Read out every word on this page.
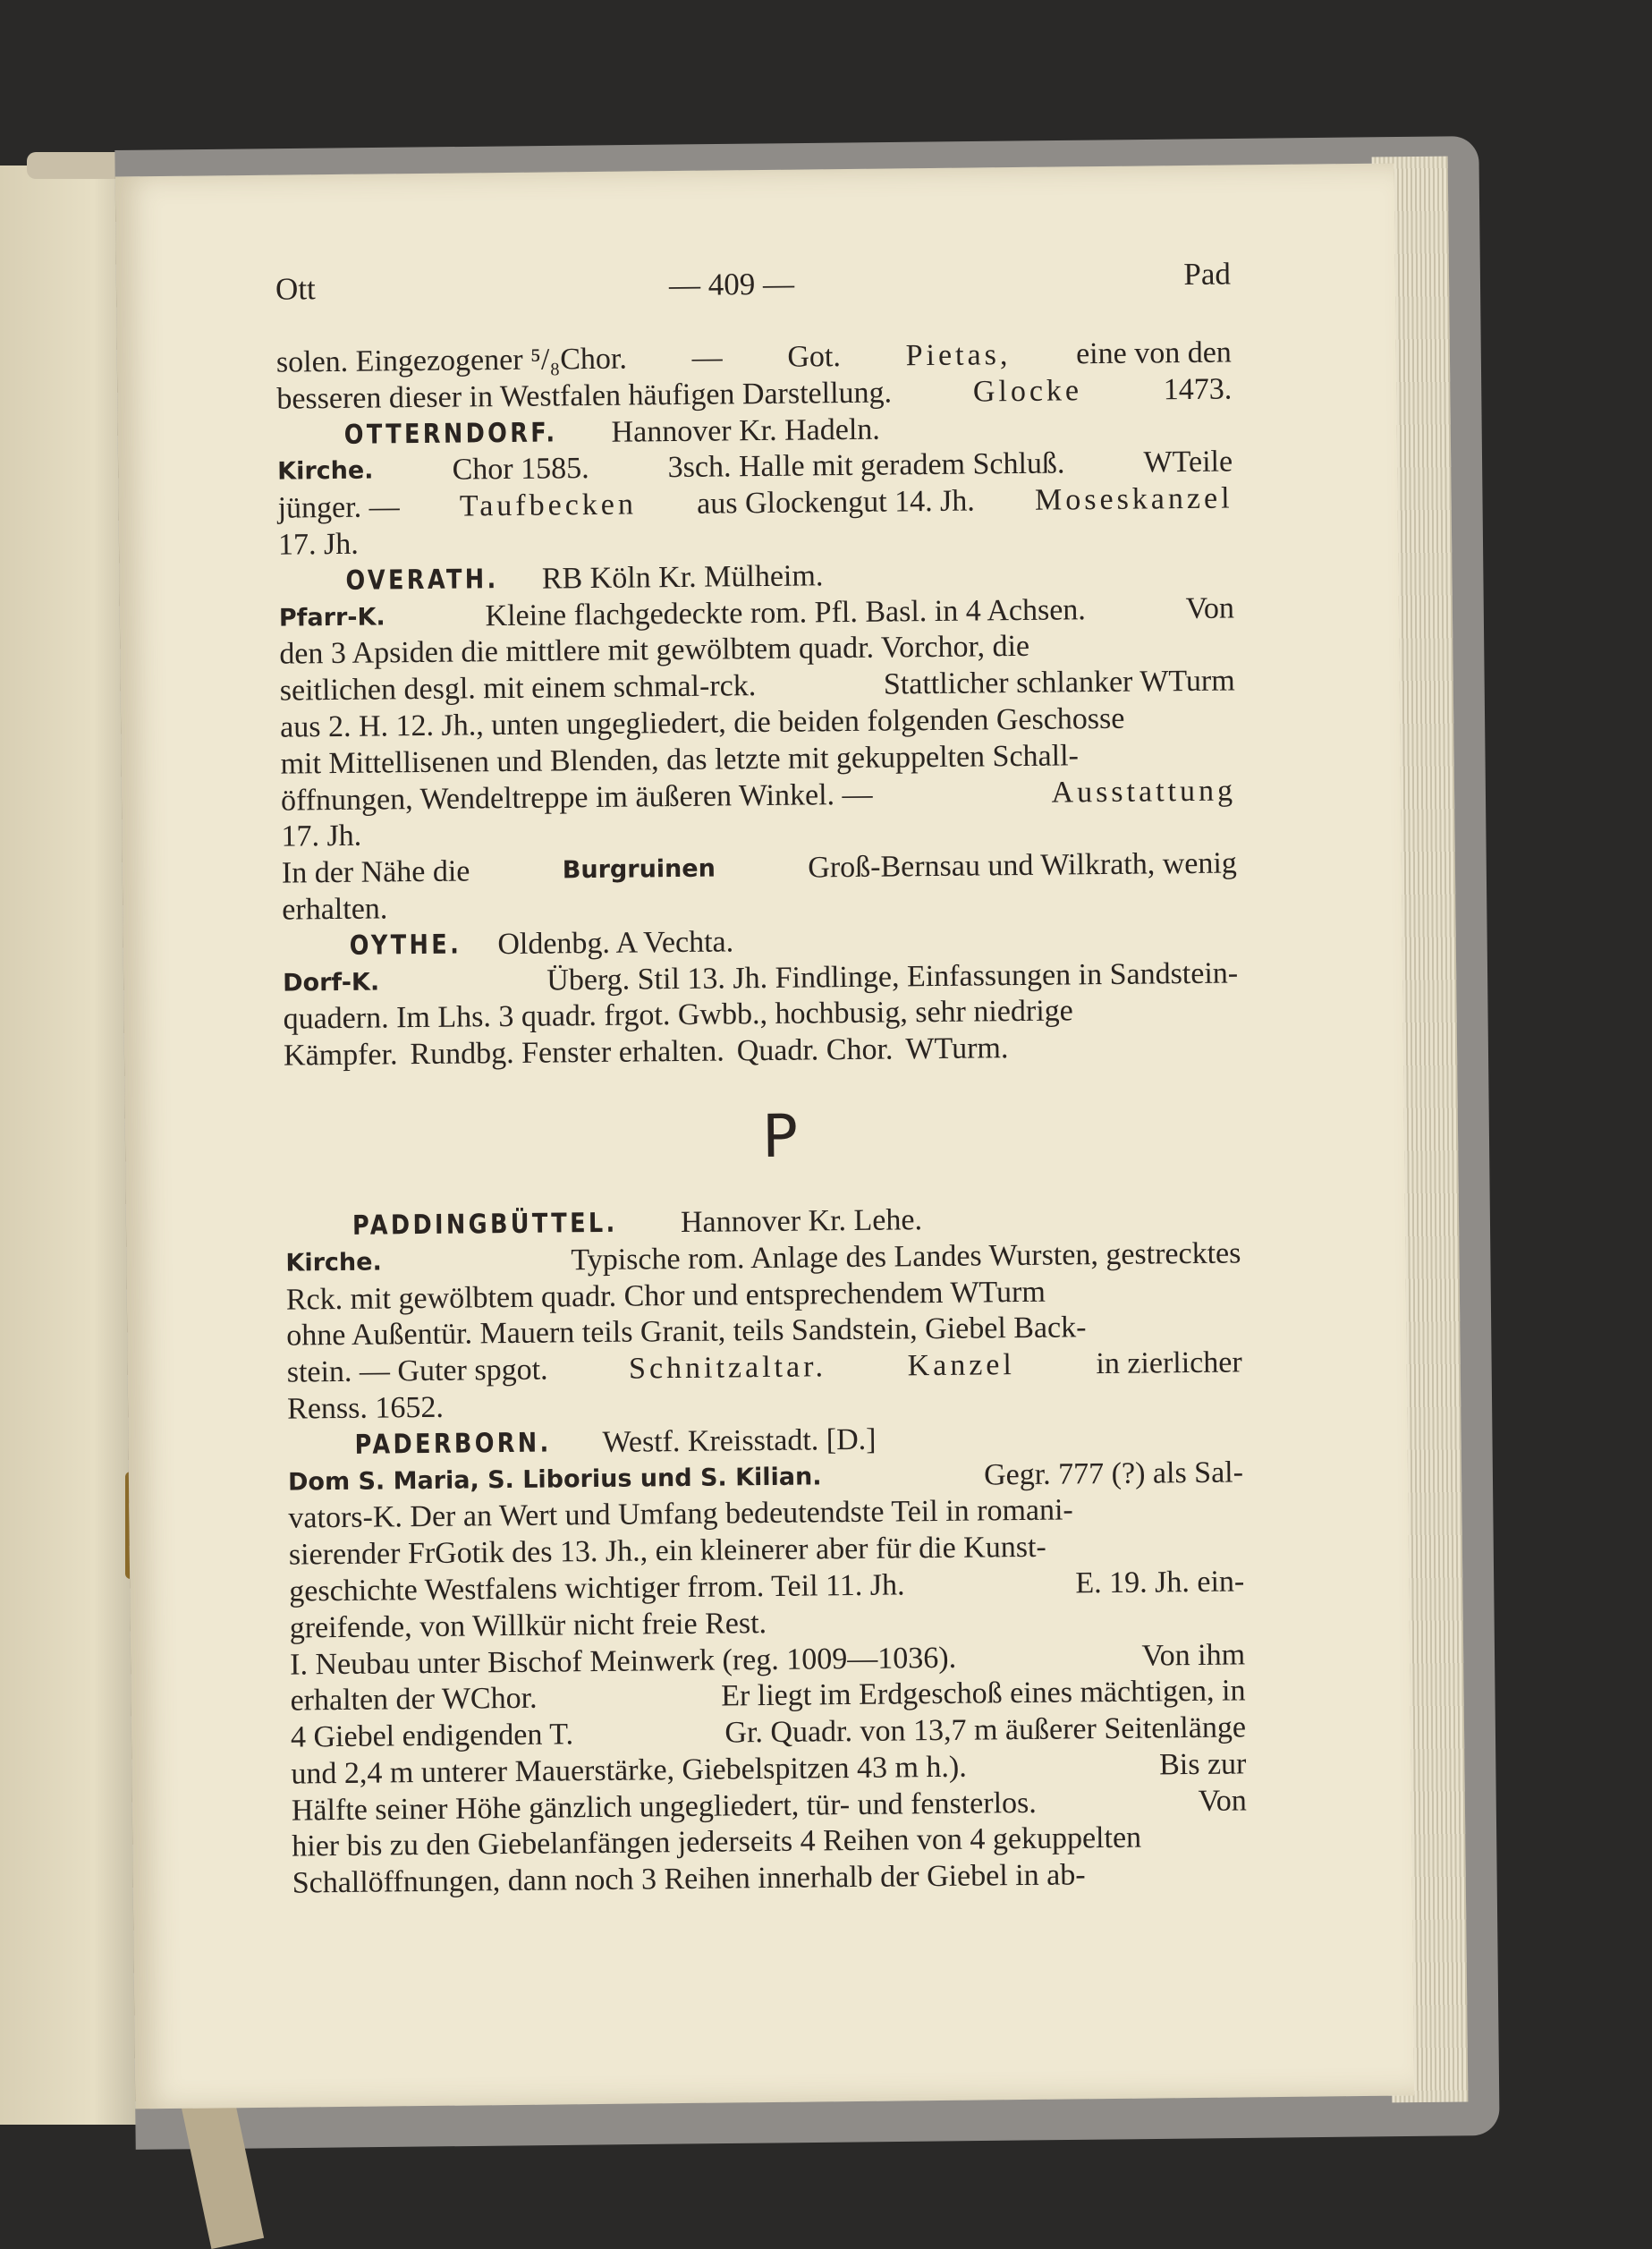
Ott	— 409 —	Pad
solen. Eingezogener ⁵/₈Chor. — Got. Pietas, eine von den
besseren dieser in Westfalen häufigen Darstellung.	Glocke	1473.
OTTERNDORF. Hannover Kr. Hadeln.
Kirche.	Chor 1585.	3sch. Halle mit geradem Schluß.	WTeile
jünger. — Taufbecken aus Glockengut 14. Jh. Moseskanzel
17. Jh.
OVERATH. RB Köln Kr. Mülheim.
Pfarr-K.	Kleine flachgedeckte rom. Pfl. Basl. in 4 Achsen.	Von
den 3 Apsiden die mittlere mit gewölbtem quadr. Vorchor, die
seitlichen desgl. mit einem schmal-rck.	Stattlicher schlanker WTurm
aus 2. H. 12. Jh., unten ungegliedert, die beiden folgenden Geschosse
mit Mittellisenen und Blenden, das letzte mit gekuppelten Schall-
öffnungen, Wendeltreppe im äußeren Winkel. —	Ausstattung
17. Jh.
In der Nähe die	Burgruinen	Groß-Bernsau und Wilkrath, wenig
erhalten.
OYTHE. Oldenbg. A Vechta.
Dorf-K.	Überg. Stil 13. Jh. Findlinge, Einfassungen in Sandstein-
quadern. Im Lhs. 3 quadr. frgot. Gwbb., hochbusig, sehr niedrige
Kämpfer. Rundbg. Fenster erhalten. Quadr. Chor. WTurm.
P
PADDINGBÜTTEL. Hannover Kr. Lehe.
Kirche.	Typische rom. Anlage des Landes Wursten, gestrecktes
Rck. mit gewölbtem quadr. Chor und entsprechendem WTurm
ohne Außentür. Mauern teils Granit, teils Sandstein, Giebel Back-
stein. — Guter spgot.	Schnitzaltar.	Kanzel	in zierlicher
Renss. 1652.
PADERBORN. Westf. Kreisstadt. [D.]
Dom S. Maria, S. Liborius und S. Kilian.	Gegr. 777 (?) als Sal-
vators-K. Der an Wert und Umfang bedeutendste Teil in romani-
sierender FrGotik des 13. Jh., ein kleinerer aber für die Kunst-
geschichte Westfalens wichtiger frrom. Teil 11. Jh.	E. 19. Jh. ein-
greifende, von Willkür nicht freie Rest.
I. Neubau unter Bischof Meinwerk (reg. 1009—1036).	Von ihm
erhalten der WChor.	Er liegt im Erdgeschoß eines mächtigen, in
4 Giebel endigenden T.	Gr. Quadr. von 13,7 m äußerer Seitenlänge
und 2,4 m unterer Mauerstärke, Giebelspitzen 43 m h.).	Bis zur
Hälfte seiner Höhe gänzlich ungegliedert, tür- und fensterlos.	Von
hier bis zu den Giebelanfängen jederseits 4 Reihen von 4 gekuppelten
Schallöffnungen, dann noch 3 Reihen innerhalb der Giebel in ab-
